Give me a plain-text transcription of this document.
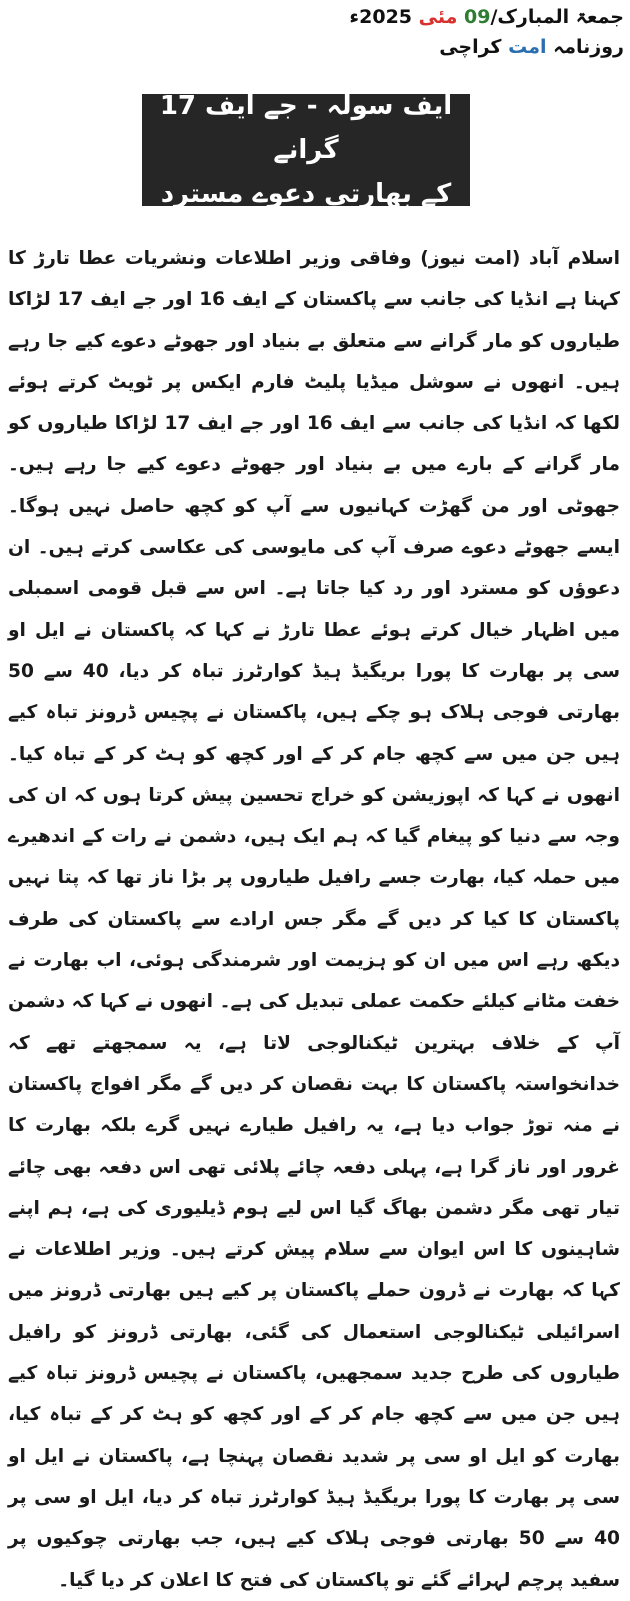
جمعۃ المبارک/09 مئی 2025ء
روزنامہ امت کراچی
ایف سولہ - جے ایف 17 گرانے
کے بھارتی دعوے مسترد

اسلام آباد (امت نیوز) وفاقی وزیر اطلاعات ونشریات عطا تارڑ کا کہنا ہے انڈیا کی جانب سے پاکستان کے ایف 16 اور جے ایف 17 لڑاکا طیاروں کو مار گرانے سے متعلق بے بنیاد اور جھوٹے دعوے کیے جا رہے ہیں۔ انھوں نے سوشل میڈیا پلیٹ فارم ایکس پر ٹویٹ کرتے ہوئے لکھا کہ انڈیا کی جانب سے ایف 16 اور جے ایف 17 لڑاکا طیاروں کو مار گرانے کے بارے میں بے بنیاد اور جھوٹے دعوے کیے جا رہے ہیں۔ جھوٹی اور من گھڑت کہانیوں سے آپ کو کچھ حاصل نہیں ہوگا۔ ایسے جھوٹے دعوے صرف آپ کی مایوسی کی عکاسی کرتے ہیں۔ ان دعوؤں کو مسترد اور رد کیا جاتا ہے۔ اس سے قبل قومی اسمبلی میں اظہار خیال کرتے ہوئے عطا تارڑ نے کہا کہ پاکستان نے ایل او سی پر بھارت کا پورا بریگیڈ ہیڈ کوارٹرز تباہ کر دیا، 40 سے 50 بھارتی فوجی ہلاک ہو چکے ہیں، پاکستان نے پچیس ڈرونز تباہ کیے ہیں جن میں سے کچھ جام کر کے اور کچھ کو ہٹ کر کے تباہ کیا۔ انھوں نے کہا کہ اپوزیشن کو خراج تحسین پیش کرتا ہوں کہ ان کی وجہ سے دنیا کو پیغام گیا کہ ہم ایک ہیں، دشمن نے رات کے اندھیرے میں حملہ کیا، بھارت جسے رافیل طیاروں پر بڑا ناز تھا کہ پتا نہیں پاکستان کا کیا کر دیں گے مگر جس ارادے سے پاکستان کی طرف دیکھ رہے اس میں ان کو ہزیمت اور شرمندگی ہوئی، اب بھارت نے خفت مٹانے کیلئے حکمت عملی تبدیل کی ہے۔ انھوں نے کہا کہ دشمن آپ کے خلاف بہترین ٹیکنالوجی لاتا ہے، یہ سمجھتے تھے کہ خدانخواستہ پاکستان کا بہت نقصان کر دیں گے مگر افواج پاکستان نے منہ توڑ جواب دیا ہے، یہ رافیل طیارے نہیں گرے بلکہ بھارت کا غرور اور ناز گرا ہے، پہلی دفعہ چائے پلائی تھی اس دفعہ بھی چائے تیار تھی مگر دشمن بھاگ گیا اس لیے ہوم ڈیلیوری کی ہے، ہم اپنے شاہینوں کا اس ایوان سے سلام پیش کرتے ہیں۔ وزیر اطلاعات نے کہا کہ بھارت نے ڈرون حملے پاکستان پر کیے ہیں بھارتی ڈرونز میں اسرائیلی ٹیکنالوجی استعمال کی گئی، بھارتی ڈرونز کو رافیل طیاروں کی طرح جدید سمجھیں، پاکستان نے پچیس ڈرونز تباہ کیے ہیں جن میں سے کچھ جام کر کے اور کچھ کو ہٹ کر کے تباہ کیا، بھارت کو ایل او سی پر شدید نقصان پہنچا ہے، پاکستان نے ایل او سی پر بھارت کا پورا بریگیڈ ہیڈ کوارٹرز تباہ کر دیا، ایل او سی پر 40 سے 50 بھارتی فوجی ہلاک کیے ہیں، جب بھارتی چوکیوں پر سفید پرچم لہرائے گئے تو پاکستان کی فتح کا اعلان کر دیا گیا۔
